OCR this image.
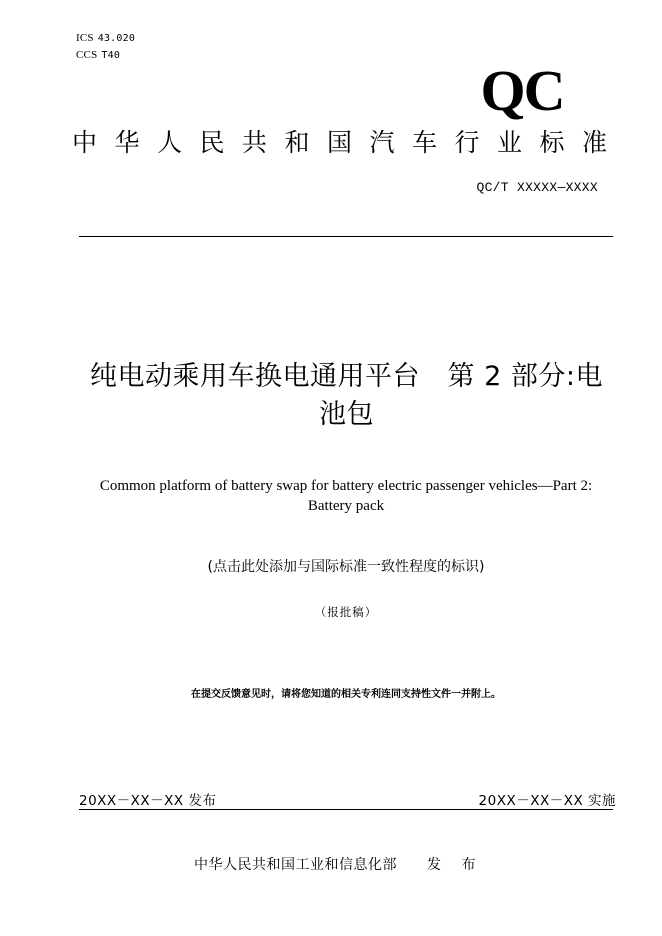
ICS 43.020
CCS T40
QC
中华人民共和国汽车行业标准
QC/T XXXXX—XXXX
纯电动乘用车换电通用平台　第 2 部分:电
池包
Common platform of battery swap for battery electric passenger vehicles—Part 2:
Battery pack
(点击此处添加与国际标准一致性程度的标识)
（报批稿）
在提交反馈意见时，请将您知道的相关专利连同支持性文件一并附上。
20XX－XX－XX 发布	20XX－XX－XX 实施
中华人民共和国工业和信息化部 发 布
